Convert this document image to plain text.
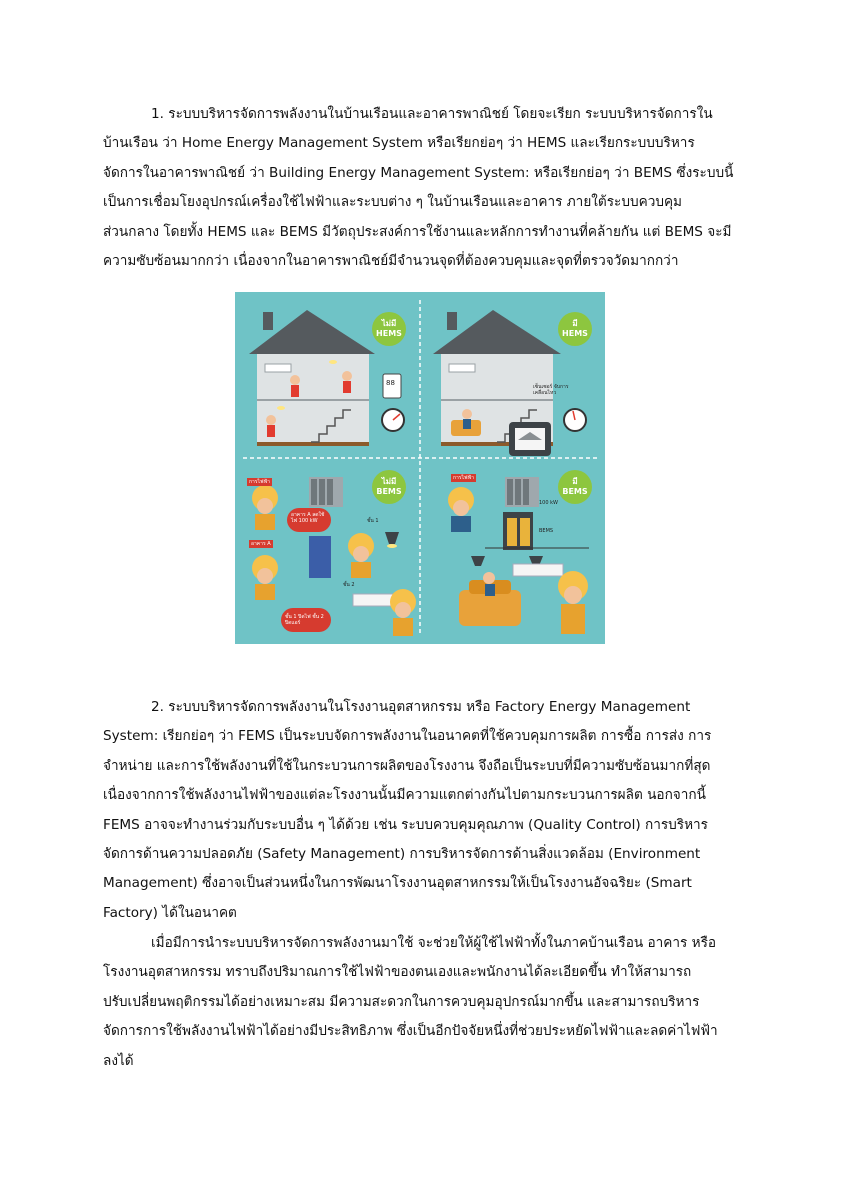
1. ระบบบริหารจัดการพลังงานในบ้านเรือนและอาคารพาณิชย์ โดยจะเรียก ระบบบริหารจัดการใน
บ้านเรือน ว่า Home Energy Management System หรือเรียกย่อๆ ว่า HEMS และเรียกระบบบริหาร
จัดการในอาคารพาณิชย์ ว่า Building Energy Management System: หรือเรียกย่อๆ ว่า BEMS ซึ่งระบบนี้
เป็นการเชื่อมโยงอุปกรณ์เครื่องใช้ไฟฟ้าและระบบต่าง ๆ ในบ้านเรือนและอาคาร ภายใต้ระบบควบคุม
ส่วนกลาง โดยทั้ง HEMS และ BEMS มีวัตถุประสงค์การใช้งานและหลักการทำงานที่คล้ายกัน แต่ BEMS จะมี
ความซับซ้อนมากกว่า เนื่องจากในอาคารพาณิชย์มีจำนวนจุดที่ต้องควบคุมและจุดที่ตรวจวัดมากกว่า
ไม่มี
HEMS
มี
HEMS
ไม่มี
BEMS
มี
BEMS
88	เซ็นเซอร์ จับการเคลื่อนไหว
การไฟฟ้า
การไฟฟ้า
อาคาร A ลดใช้ไฟ 100 kW
อาคาร A
ชั้น 1
ชั้น 2
ชั้น 1 ปิดไฟ ชั้น 2 ปิดแอร์
100 kW
BEMS
2. ระบบบริหารจัดการพลังงานในโรงงานอุตสาหกรรม หรือ Factory Energy Management
System: เรียกย่อๆ ว่า FEMS เป็นระบบจัดการพลังงานในอนาคตที่ใช้ควบคุมการผลิต การซื้อ การส่ง การ
จำหน่าย และการใช้พลังงานที่ใช้ในกระบวนการผลิตของโรงงาน จึงถือเป็นระบบที่มีความซับซ้อนมากที่สุด
เนื่องจากการใช้พลังงานไฟฟ้าของแต่ละโรงงานนั้นมีความแตกต่างกันไปตามกระบวนการผลิต นอกจากนี้
FEMS อาจจะทำงานร่วมกับระบบอื่น ๆ ได้ด้วย เช่น ระบบควบคุมคุณภาพ (Quality Control) การบริหาร
จัดการด้านความปลอดภัย (Safety Management) การบริหารจัดการด้านสิ่งแวดล้อม (Environment
Management) ซึ่งอาจเป็นส่วนหนึ่งในการพัฒนาโรงงานอุตสาหกรรมให้เป็นโรงงานอัจฉริยะ (Smart
Factory) ได้ในอนาคต
เมื่อมีการนำระบบบริหารจัดการพลังงานมาใช้ จะช่วยให้ผู้ใช้ไฟฟ้าทั้งในภาคบ้านเรือน อาคาร หรือ
โรงงานอุตสาหกรรม ทราบถึงปริมาณการใช้ไฟฟ้าของตนเองและพนักงานได้ละเอียดขึ้น ทำให้สามารถ
ปรับเปลี่ยนพฤติกรรมได้อย่างเหมาะสม มีความสะดวกในการควบคุมอุปกรณ์มากขึ้น และสามารถบริหาร
จัดการการใช้พลังงานไฟฟ้าได้อย่างมีประสิทธิภาพ ซึ่งเป็นอีกปัจจัยหนึ่งที่ช่วยประหยัดไฟฟ้าและลดค่าไฟฟ้า
ลงได้
